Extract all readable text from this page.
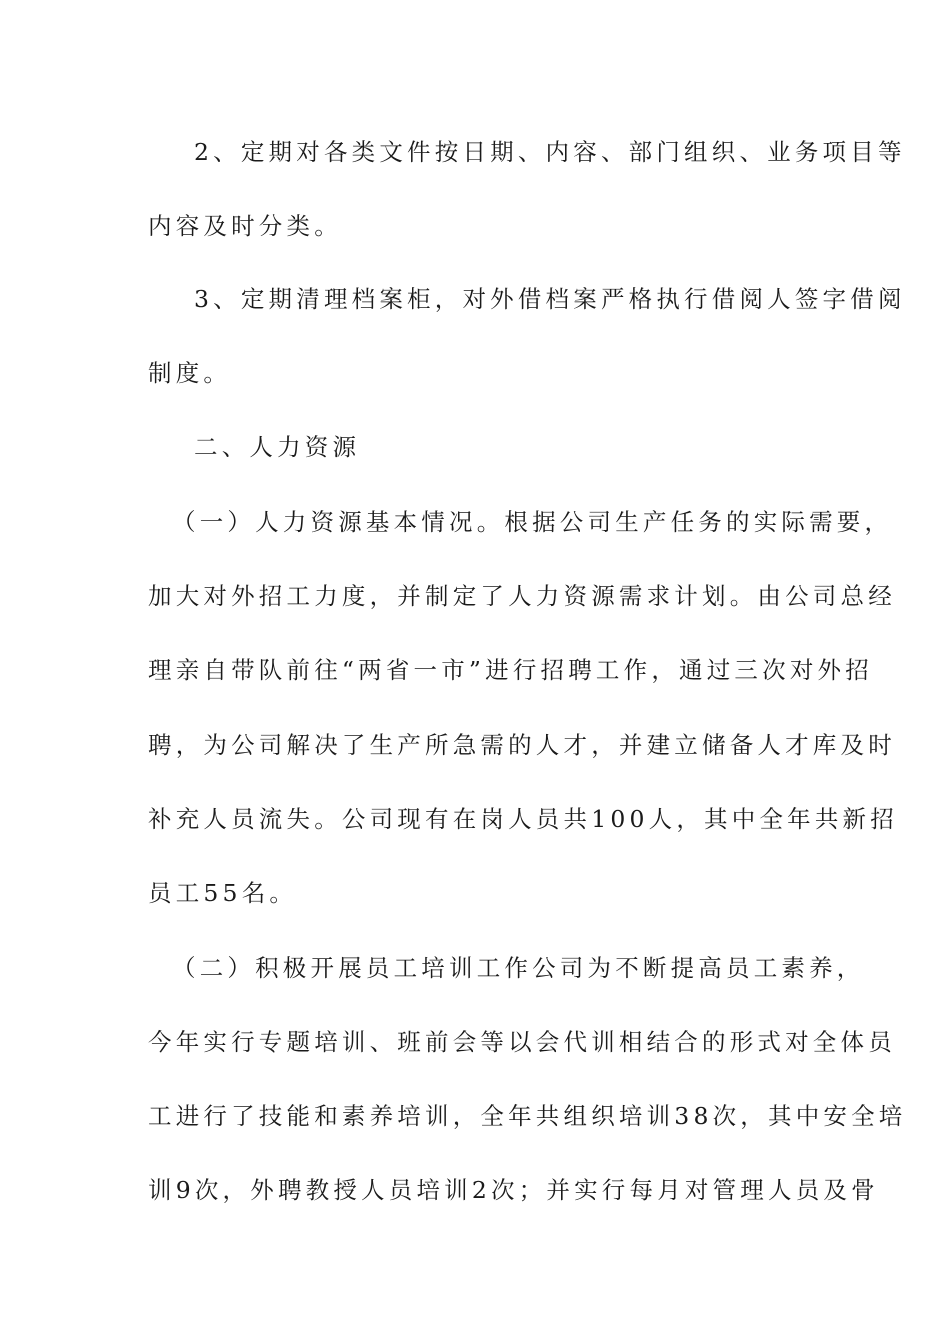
2、定期对各类文件按日期、内容、部门组织、业务项目等
内容及时分类。
3、定期清理档案柜，对外借档案严格执行借阅人签字借阅
制度。
二、人力资源
（一）人力资源基本情况。根据公司生产任务的实际需要，
加大对外招工力度，并制定了人力资源需求计划。由公司总经
理亲自带队前往“两省一市”进行招聘工作，通过三次对外招
聘，为公司解决了生产所急需的人才，并建立储备人才库及时
补充人员流失。公司现有在岗人员共100人，其中全年共新招
员工55名。
（二）积极开展员工培训工作公司为不断提高员工素养，
今年实行专题培训、班前会等以会代训相结合的形式对全体员
工进行了技能和素养培训，全年共组织培训38次，其中安全培
训9次，外聘教授人员培训2次；并实行每月对管理人员及骨
